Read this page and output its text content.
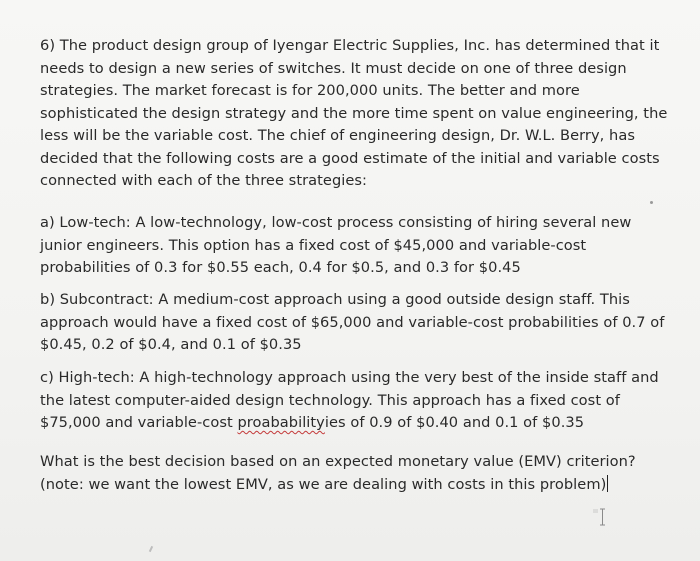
6) The product design group of Iyengar Electric Supplies, Inc. has determined that it needs to design a new series of switches. It must decide on one of three design strategies. The market forecast is for 200,000 units. The better and more sophisticated the design strategy and the more time spent on value engineering, the less will be the variable cost. The chief of engineering design, Dr. W.L. Berry, has decided that the following costs are a good estimate of the initial and variable costs connected with each of the three strategies:

a) Low-tech: A low-technology, low-cost process consisting of hiring several new junior engineers. This option has a fixed cost of $45,000 and variable-cost probabilities of 0.3 for $0.55 each, 0.4 for $0.5, and 0.3 for $0.45

b) Subcontract: A medium-cost approach using a good outside design staff. This approach would have a fixed cost of $65,000 and variable-cost probabilities of 0.7 of $0.45, 0.2 of $0.4, and 0.1 of $0.35

c) High-tech: A high-technology approach using the very best of the inside staff and the latest computer-aided design technology. This approach has a fixed cost of $75,000 and variable-cost proababilityies of 0.9 of $0.40 and 0.1 of $0.35

What is the best decision based on an expected monetary value (EMV) criterion? (note: we want the lowest EMV, as we are dealing with costs in this problem)
